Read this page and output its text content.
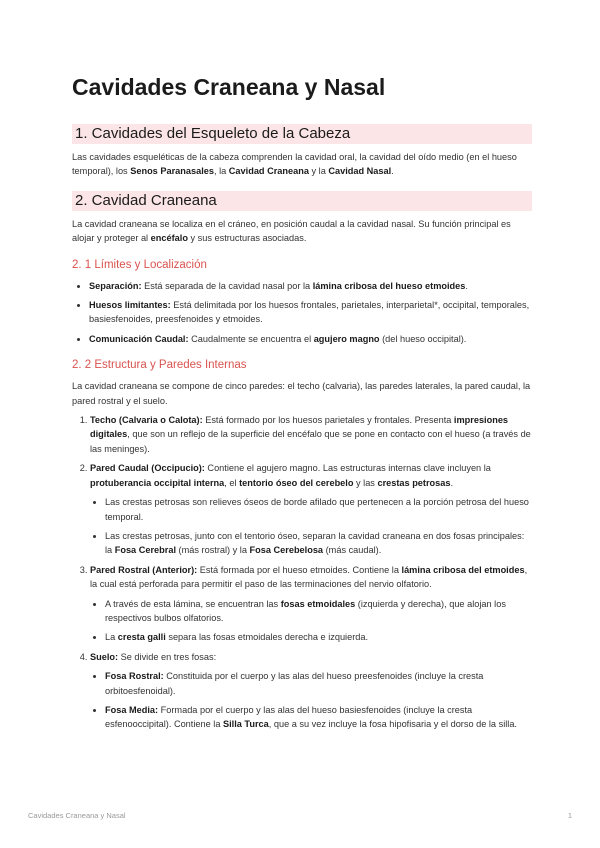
Cavidades Craneana y Nasal
1. Cavidades del Esqueleto de la Cabeza

Las cavidades esqueléticas de la cabeza comprenden la cavidad oral, la cavidad del oído medio (en el hueso temporal), los Senos Paranasales, la Cavidad Craneana y la Cavidad Nasal.

2. Cavidad Craneana

La cavidad craneana se localiza en el cráneo, en posición caudal a la cavidad nasal. Su función principal es alojar y proteger al encéfalo y sus estructuras asociadas.

2. 1 Límites y Localización
• Separación: Está separada de la cavidad nasal por la lámina cribosa del hueso etmoides.
• Huesos limitantes: Está delimitada por los huesos frontales, parietales, interparietal*, occipital, temporales, basiesfenoides, preesfenoides y etmoides.
• Comunicación Caudal: Caudalmente se encuentra el agujero magno (del hueso occipital).
2. 2 Estructura y Paredes Internas

La cavidad craneana se compone de cinco paredes: el techo (calvaria), las paredes laterales, la pared caudal, la pared rostral y el suelo.

1. Techo (Calvaria o Calota): Está formado por los huesos parietales y frontales. Presenta impresiones digitales, que son un reflejo de la superficie del encéfalo que se pone en contacto con el hueso (a través de las meninges).
2. Pared Caudal (Occipucio): Contiene el agujero magno. Las estructuras internas clave incluyen la protuberancia occipital interna, el tentorio óseo del cerebelo y las crestas petrosas.
• Las crestas petrosas son relieves óseos de borde afilado que pertenecen a la porción petrosa del hueso temporal.
• Las crestas petrosas, junto con el tentorio óseo, separan la cavidad craneana en dos fosas principales: la Fosa Cerebral (más rostral) y la Fosa Cerebelosa (más caudal).
3. Pared Rostral (Anterior): Está formada por el hueso etmoides. Contiene la lámina cribosa del etmoides, la cual está perforada para permitir el paso de las terminaciones del nervio olfatorio.
• A través de esta lámina, se encuentran las fosas etmoidales (izquierda y derecha), que alojan los respectivos bulbos olfatorios.
• La cresta galli separa las fosas etmoidales derecha e izquierda.
4. Suelo: Se divide en tres fosas:
• Fosa Rostral: Constituida por el cuerpo y las alas del hueso preesfenoides (incluye la cresta orbitoesfenoidal).
• Fosa Media: Formada por el cuerpo y las alas del hueso basiesfenoides (incluye la cresta esfenooccipital). Contiene la Silla Turca, que a su vez incluye la fosa hipofisaria y el dorso de la silla.
Cavidades Craneana y Nasal	1
